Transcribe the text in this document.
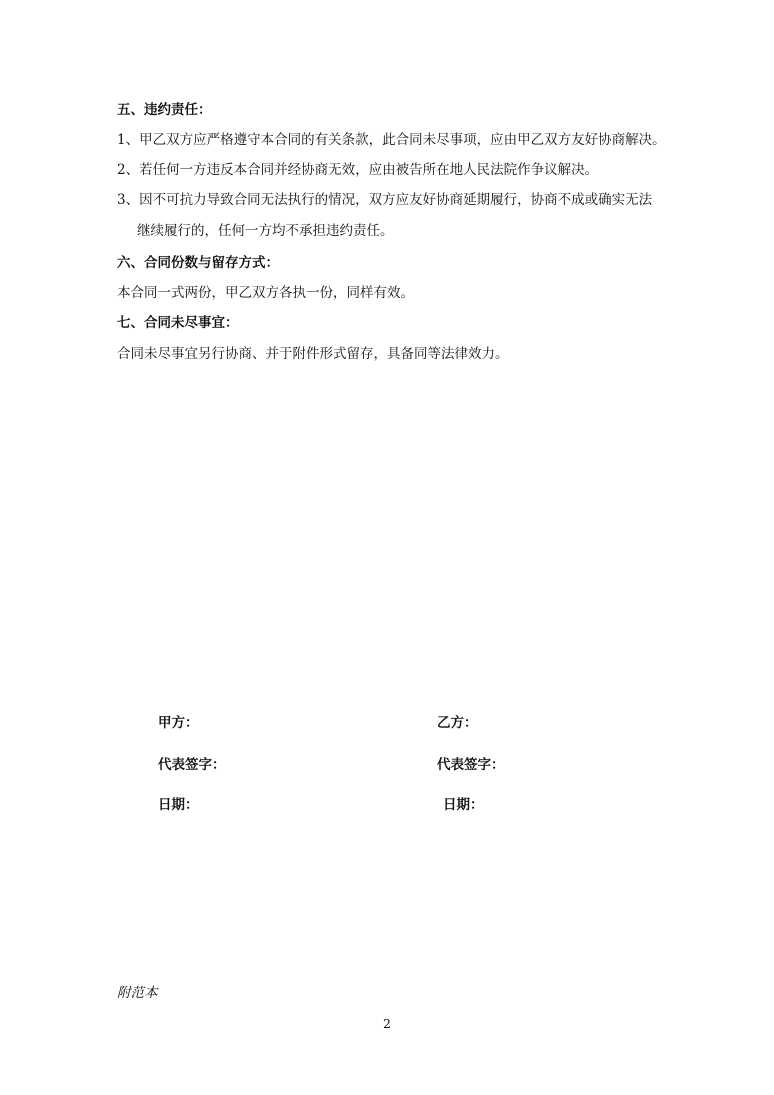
五、违约责任：
1、甲乙双方应严格遵守本合同的有关条款，此合同未尽事项，应由甲乙双方友好协商解决。
2、若任何一方违反本合同并经协商无效，应由被告所在地人民法院作争议解决。
3、因不可抗力导致合同无法执行的情况，双方应友好协商延期履行，协商不成或确实无法
继续履行的，任何一方均不承担违约责任。
六、合同份数与留存方式：
本合同一式两份，甲乙双方各执一份，同样有效。
七、合同未尽事宜：
合同未尽事宜另行协商、并于附件形式留存，具备同等法律效力。
甲方：	乙方：
代表签字：	代表签字：
日期：	日期：
附范本
2
